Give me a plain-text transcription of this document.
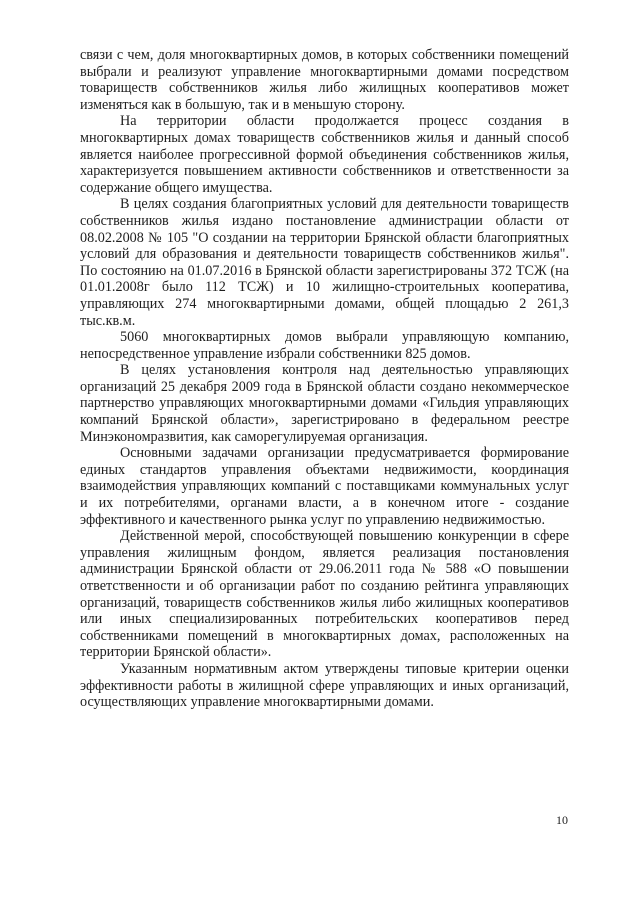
связи с чем, доля многоквартирных домов, в которых собственники помещений выбрали и реализуют управление многоквартирными домами посредством товариществ собственников жилья либо жилищных кооперативов может изменяться как в большую, так и в меньшую сторону.

На территории области продолжается процесс создания в многоквартирных домах товариществ собственников жилья и данный способ является наиболее прогрессивной формой объединения собственников жилья, характеризуется повышением активности собственников и ответственности за содержание общего имущества.

В целях создания благоприятных условий для деятельности товариществ собственников жилья издано постановление администрации области от 08.02.2008 № 105 "О создании на территории Брянской области благоприятных условий для образования и деятельности товариществ собственников жилья". По состоянию на 01.07.2016 в Брянской области зарегистрированы 372 ТСЖ (на 01.01.2008г было 112 ТСЖ) и 10 жилищно-строительных кооператива, управляющих 274 многоквартирными домами, общей площадью 2 261,3 тыс.кв.м.

5060 многоквартирных домов выбрали управляющую компанию, непосредственное управление избрали собственники 825 домов.

В целях установления контроля над деятельностью управляющих организаций 25 декабря 2009 года в Брянской области создано некоммерческое партнерство управляющих многоквартирными домами «Гильдия управляющих компаний Брянской области», зарегистрировано в федеральном реестре Минэкономразвития, как саморегулируемая организация.

Основными задачами организации предусматривается формирование единых стандартов управления объектами недвижимости, координация взаимодействия управляющих компаний с поставщиками коммунальных услуг и их потребителями, органами власти, а в конечном итоге - создание эффективного и качественного рынка услуг по управлению недвижимостью.

Действенной мерой, способствующей повышению конкуренции в сфере управления жилищным фондом, является реализация постановления администрации Брянской области от 29.06.2011 года № 588 «О повышении ответственности и об организации работ по созданию рейтинга управляющих организаций, товариществ собственников жилья либо жилищных кооперативов или иных специализированных потребительских кооперативов перед собственниками помещений в многоквартирных домах, расположенных на территории Брянской области».

Указанным нормативным актом утверждены типовые критерии оценки эффективности работы в жилищной сфере управляющих и иных организаций, осуществляющих управление многоквартирными домами.

10
